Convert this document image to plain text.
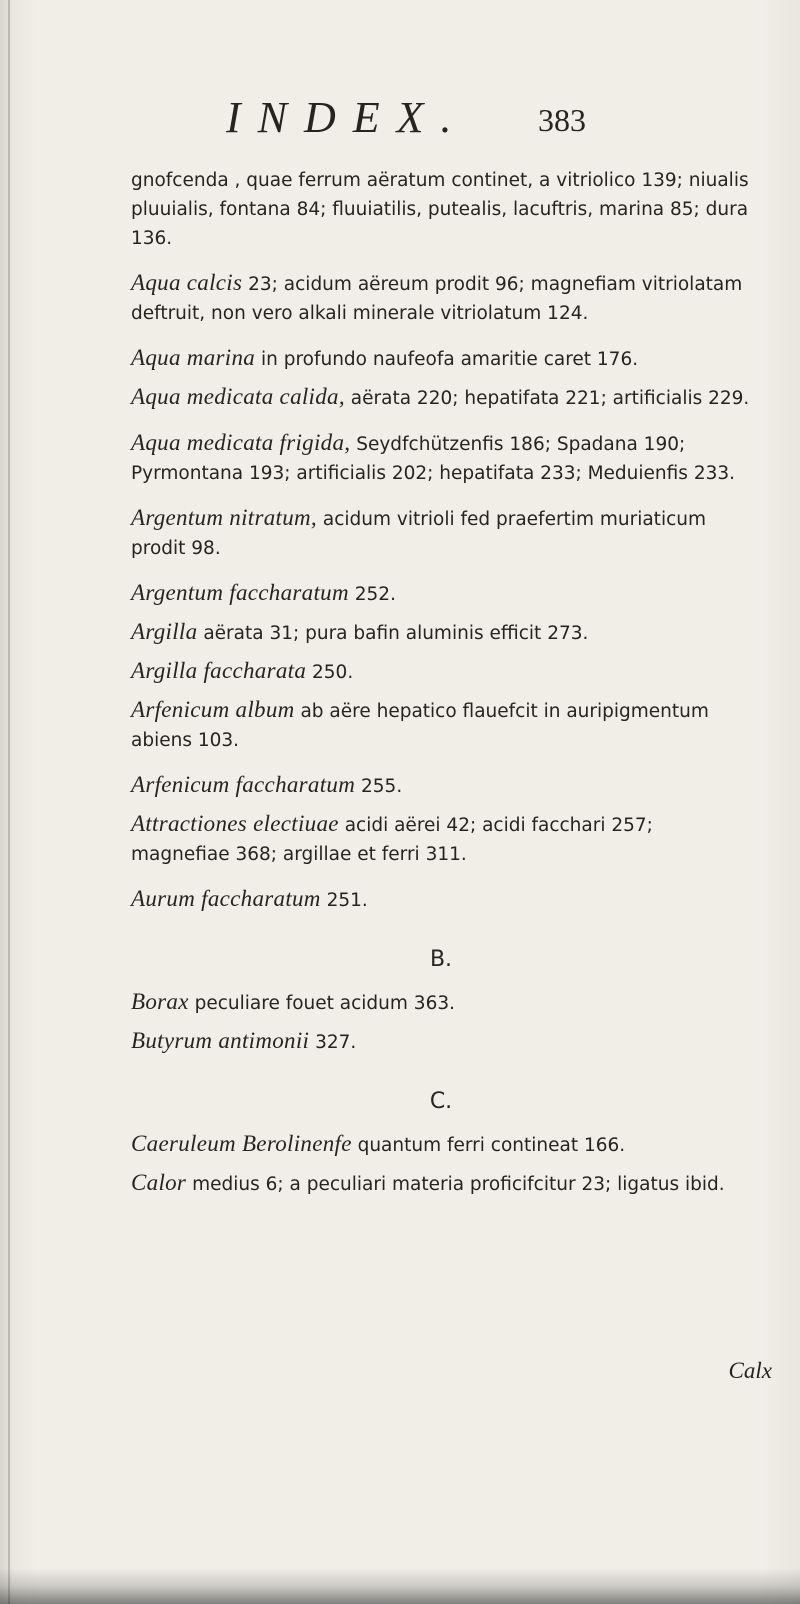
INDEX. 383
gnofcenda , quae ferrum aëratum continet, a vitriolico 139; niualis pluuialis, fontana 84; fluuiatilis, putealis, lacuftris, marina 85; dura 136.
Aqua calcis 23; acidum aëreum prodit 96; magnefiam vitriolatam deftruit, non vero alkali minerale vitriolatum 124.
Aqua marina in profundo naufeofa amaritie caret 176.
Aqua medicata calida, aërata 220; hepatifata 221; artificialis 229.
Aqua medicata frigida, Seydfchützenfis 186; Spadana 190; Pyrmontana 193; artificialis 202; hepatifata 233; Meduienfis 233.
Argentum nitratum, acidum vitrioli fed praefertim muriaticum prodit 98.
Argentum faccharatum 252.
Argilla aërata 31; pura bafin aluminis efficit 273.
Argilla faccharata 250.
Arfenicum album ab aëre hepatico flauefcit in auripigmentum abiens 103.
Arfenicum faccharatum 255.
Attractiones electiuae acidi aërei 42; acidi facchari 257; magnefiae 368; argillae et ferri 311.
Aurum faccharatum 251.
B.
Borax peculiare fouet acidum 363.
Butyrum antimonii 327.
C.
Caeruleum Berolinenfe quantum ferri contineat 166.
Calor medius 6; a peculiari materia proficifcitur 23; ligatus ibid.
Calx
